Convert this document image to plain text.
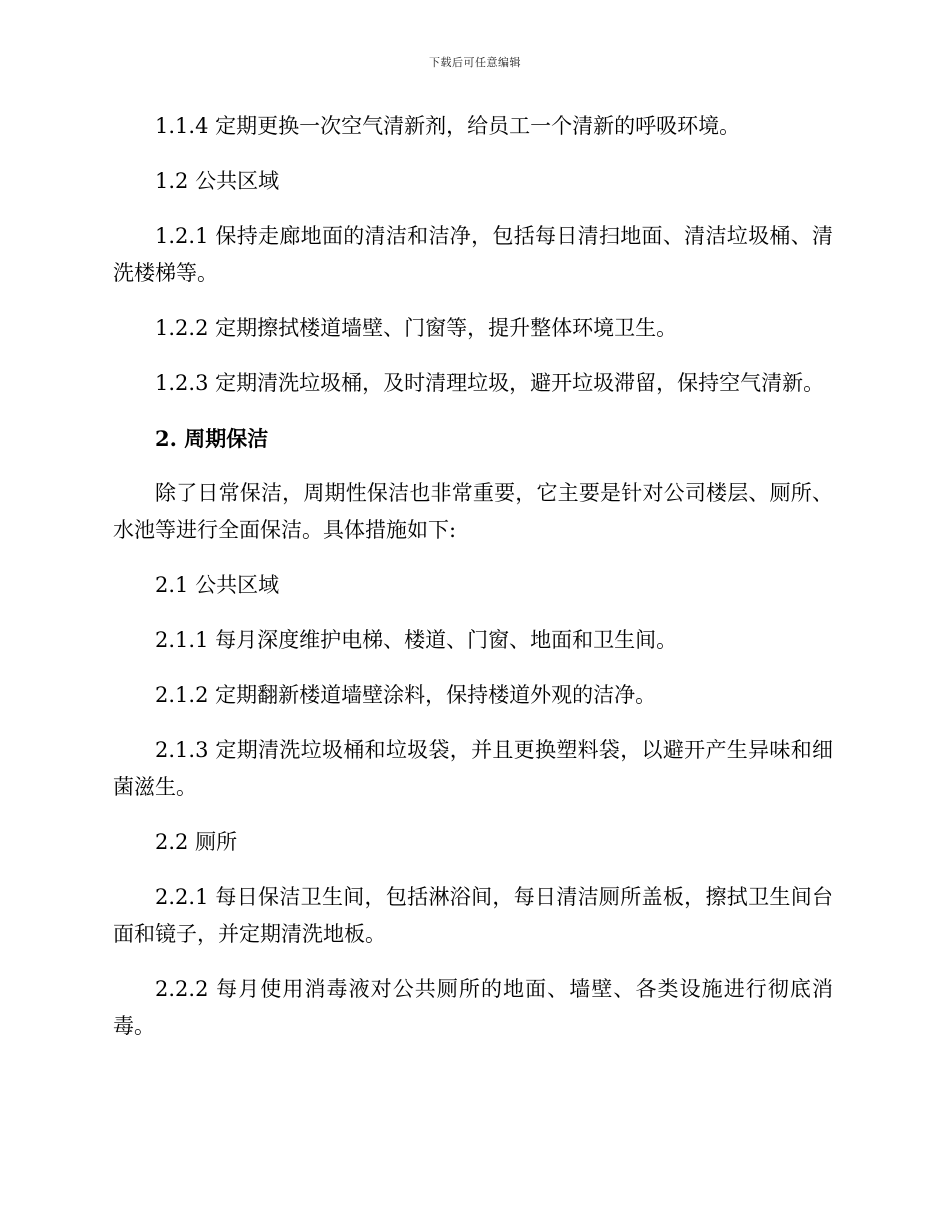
下载后可任意编辑

1.1.4 定期更换一次空气清新剂，给员工一个清新的呼吸环境。

1.2 公共区域

1.2.1 保持走廊地面的清洁和洁净，包括每日清扫地面、清洁垃圾桶、清洗楼梯等。

1.2.2 定期擦拭楼道墙壁、门窗等，提升整体环境卫生。

1.2.3 定期清洗垃圾桶，及时清理垃圾，避开垃圾滞留，保持空气清新。

2. 周期保洁

除了日常保洁，周期性保洁也非常重要，它主要是针对公司楼层、厕所、水池等进行全面保洁。具体措施如下:

2.1 公共区域

2.1.1 每月深度维护电梯、楼道、门窗、地面和卫生间。

2.1.2 定期翻新楼道墙壁涂料，保持楼道外观的洁净。

2.1.3 定期清洗垃圾桶和垃圾袋，并且更换塑料袋，以避开产生异味和细菌滋生。

2.2 厕所

2.2.1 每日保洁卫生间，包括淋浴间，每日清洁厕所盖板，擦拭卫生间台面和镜子，并定期清洗地板。

2.2.2 每月使用消毒液对公共厕所的地面、墙壁、各类设施进行彻底消毒。
